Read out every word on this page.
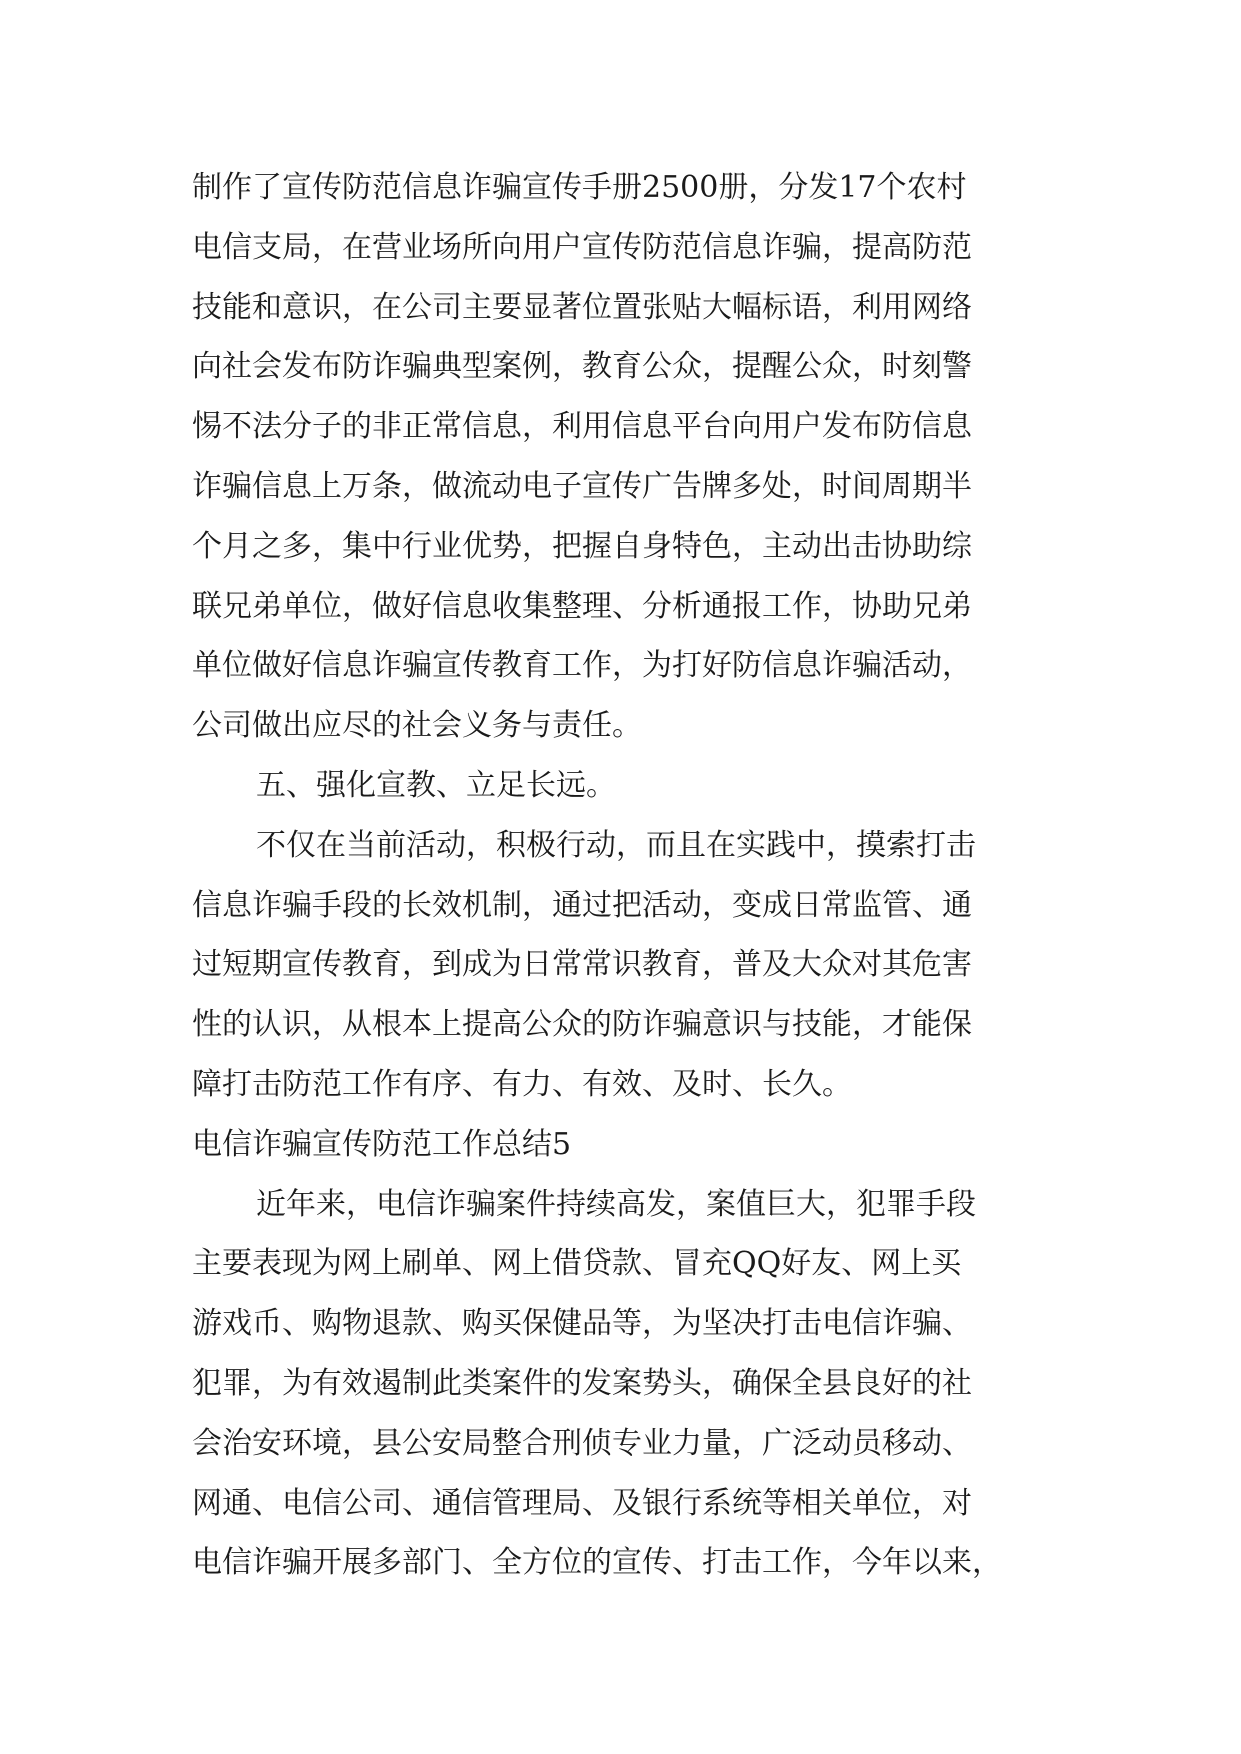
制作了宣传防范信息诈骗宣传手册2500册，分发17个农村
电信支局，在营业场所向用户宣传防范信息诈骗，提高防范
技能和意识，在公司主要显著位置张贴大幅标语，利用网络
向社会发布防诈骗典型案例，教育公众，提醒公众，时刻警
惕不法分子的非正常信息，利用信息平台向用户发布防信息
诈骗信息上万条，做流动电子宣传广告牌多处，时间周期半
个月之多，集中行业优势，把握自身特色，主动出击协助综
联兄弟单位，做好信息收集整理、分析通报工作，协助兄弟
单位做好信息诈骗宣传教育工作，为打好防信息诈骗活动，
公司做出应尽的社会义务与责任。
五、强化宣教、立足长远。
不仅在当前活动，积极行动，而且在实践中，摸索打击
信息诈骗手段的长效机制，通过把活动，变成日常监管、通
过短期宣传教育，到成为日常常识教育，普及大众对其危害
性的认识，从根本上提高公众的防诈骗意识与技能，才能保
障打击防范工作有序、有力、有效、及时、长久。
电信诈骗宣传防范工作总结5
近年来，电信诈骗案件持续高发，案值巨大，犯罪手段
主要表现为网上刷单、网上借贷款、冒充QQ好友、网上买
游戏币、购物退款、购买保健品等，为坚决打击电信诈骗、
犯罪，为有效遏制此类案件的发案势头，确保全县良好的社
会治安环境，县公安局整合刑侦专业力量，广泛动员移动、
网通、电信公司、通信管理局、及银行系统等相关单位，对
电信诈骗开展多部门、全方位的宣传、打击工作，今年以来，
